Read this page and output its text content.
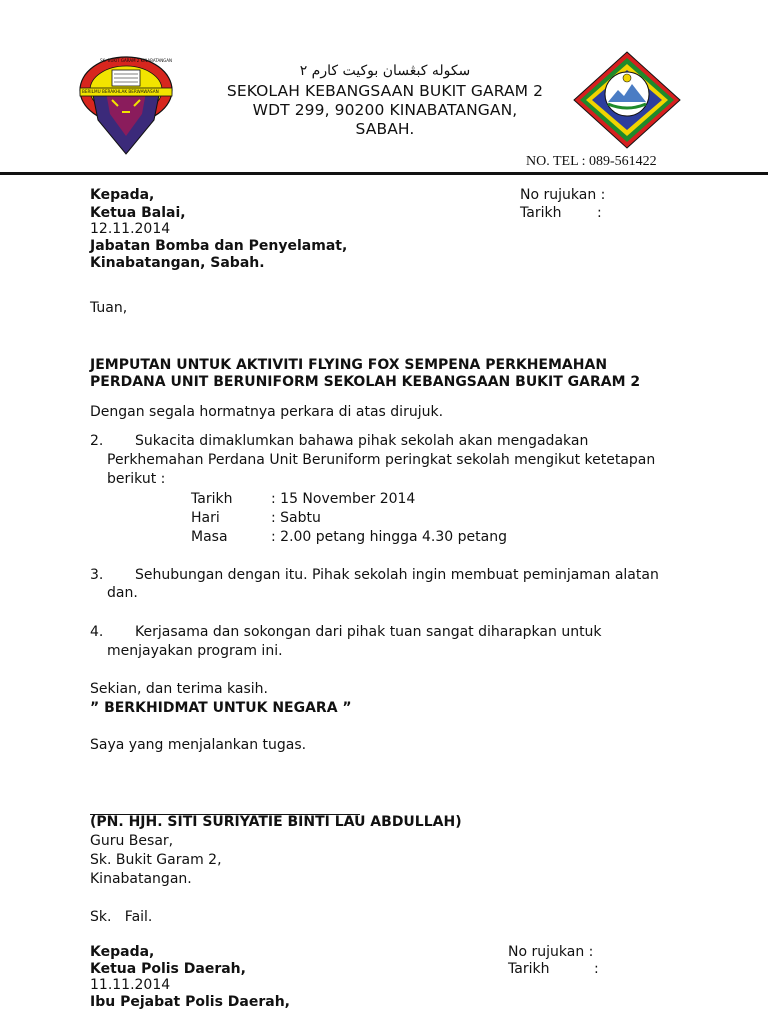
SK. BUKIT GARAM 2 KINABATANGAN
BERILMU BERAKHLAK BERWAWASAN
سکوله کبڠسان بوکيت کارم ٢
SEKOLAH KEBANGSAAN BUKIT GARAM 2
WDT 299, 90200 KINABATANGAN,
SABAH.
NO. TEL : 089-561422
Kepada,
Ketua Balai,
12.11.2014
Jabatan Bomba dan Penyelamat,
Kinabatangan, Sabah.
No rujukan :
Tarikh        :
Tuan,
JEMPUTAN UNTUK AKTIVITI FLYING FOX SEMPENA PERKHEMAHAN
PERDANA UNIT BERUNIFORM SEKOLAH KEBANGSAAN BUKIT GARAM 2
Dengan segala hormatnya perkara di atas dirujuk.
2. Sukacita dimaklumkan bahawa pihak sekolah akan mengadakan
Perkhemahan Perdana Unit Beruniform peringkat sekolah mengikut ketetapan
berikut :
Tarikh	: 15 November 2014
Hari	: Sabtu
Masa	: 2.00 petang hingga 4.30 petang
3. Sehubungan dengan itu. Pihak sekolah ingin membuat peminjaman alatan
dan.
4. Kerjasama dan sokongan dari pihak tuan sangat diharapkan untuk
menjayakan program ini.
Sekian, dan terima kasih.
” BERKHIDMAT UNTUK NEGARA ”
Saya yang menjalankan tugas.
(PN. HJH. SITI SURIYATIE BINTI LAU ABDULLAH)
Guru Besar,
Sk. Bukit Garam 2,
Kinabatangan.
Sk.   Fail.
Kepada,
Ketua Polis Daerah,
11.11.2014
Ibu Pejabat Polis Daerah,
No rujukan :
Tarikh          :
